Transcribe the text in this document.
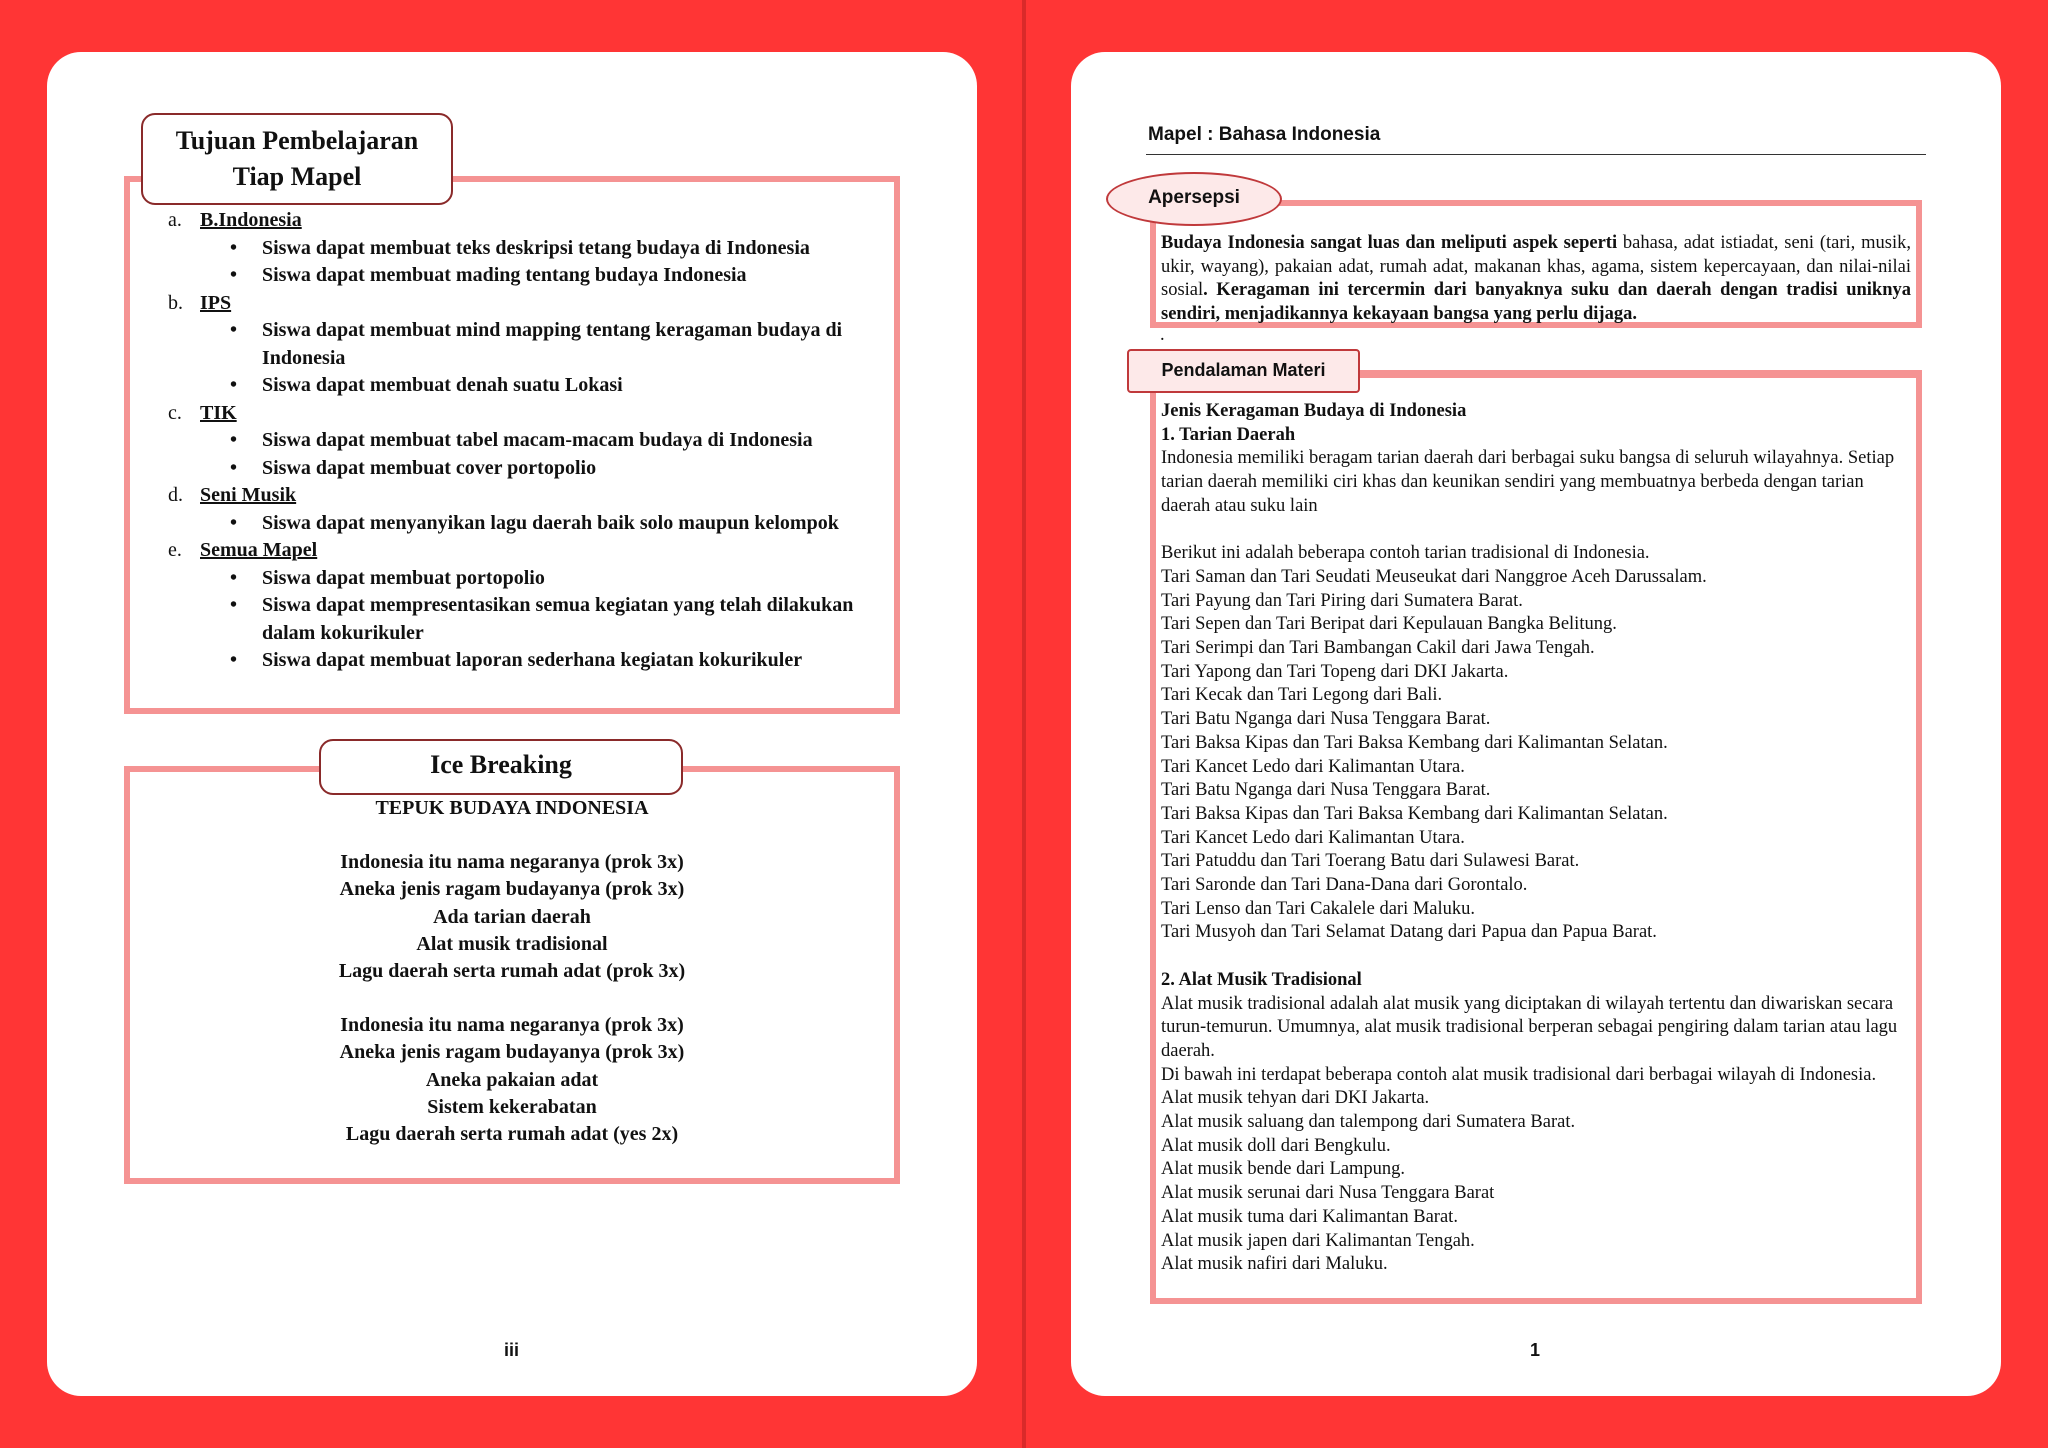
Tujuan Pembelajaran
Tiap Mapel
a. B.Indonesia
• Siswa dapat membuat teks deskripsi tetang budaya di Indonesia
• Siswa dapat membuat mading tentang budaya Indonesia
b. IPS
• Siswa dapat membuat mind mapping tentang keragaman budaya di Indonesia
• Siswa dapat membuat denah suatu Lokasi
c. TIK
• Siswa dapat membuat tabel macam-macam budaya di Indonesia
• Siswa dapat membuat cover portopolio
d. Seni Musik
• Siswa dapat menyanyikan lagu daerah baik solo maupun kelompok
e. Semua Mapel
• Siswa dapat membuat portopolio
• Siswa dapat mempresentasikan semua kegiatan yang telah dilakukan dalam kokurikuler
• Siswa dapat membuat laporan sederhana kegiatan kokurikuler
Ice Breaking
TEPUK BUDAYA INDONESIA
Indonesia itu nama negaranya (prok 3x)
Aneka jenis ragam budayanya (prok 3x)
Ada tarian daerah
Alat musik tradisional
Lagu daerah serta rumah adat (prok 3x)
Indonesia itu nama negaranya (prok 3x)
Aneka jenis ragam budayanya (prok 3x)
Aneka pakaian adat
Sistem kekerabatan
Lagu daerah serta rumah adat (yes 2x)
iii
Mapel : Bahasa Indonesia
Apersepsi
Budaya Indonesia sangat luas dan meliputi aspek seperti bahasa, adat istiadat, seni (tari, musik, ukir, wayang), pakaian adat, rumah adat, makanan khas, agama, sistem kepercayaan, dan nilai-nilai sosial. Keragaman ini tercermin dari banyaknya suku dan daerah dengan tradisi uniknya sendiri, menjadikannya kekayaan bangsa yang perlu dijaga.
.
Pendalaman Materi

Jenis Keragaman Budaya di Indonesia

1. Tarian Daerah

Indonesia memiliki beragam tarian daerah dari berbagai suku bangsa di seluruh wilayahnya. Setiap tarian daerah memiliki ciri khas dan keunikan sendiri yang membuatnya berbeda dengan tarian daerah atau suku lain

Berikut ini adalah beberapa contoh tarian tradisional di Indonesia.

Tari Saman dan Tari Seudati Meuseukat dari Nanggroe Aceh Darussalam.

Tari Payung dan Tari Piring dari Sumatera Barat.

Tari Sepen dan Tari Beripat dari Kepulauan Bangka Belitung.

Tari Serimpi dan Tari Bambangan Cakil dari Jawa Tengah.

Tari Yapong dan Tari Topeng dari DKI Jakarta.

Tari Kecak dan Tari Legong dari Bali.

Tari Batu Nganga dari Nusa Tenggara Barat.

Tari Baksa Kipas dan Tari Baksa Kembang dari Kalimantan Selatan.

Tari Kancet Ledo dari Kalimantan Utara.

Tari Batu Nganga dari Nusa Tenggara Barat.

Tari Baksa Kipas dan Tari Baksa Kembang dari Kalimantan Selatan.

Tari Kancet Ledo dari Kalimantan Utara.

Tari Patuddu dan Tari Toerang Batu dari Sulawesi Barat.

Tari Saronde dan Tari Dana-Dana dari Gorontalo.

Tari Lenso dan Tari Cakalele dari Maluku.

Tari Musyoh dan Tari Selamat Datang dari Papua dan Papua Barat.

2. Alat Musik Tradisional

Alat musik tradisional adalah alat musik yang diciptakan di wilayah tertentu dan diwariskan secara turun-temurun. Umumnya, alat musik tradisional berperan sebagai pengiring dalam tarian atau lagu daerah.

Di bawah ini terdapat beberapa contoh alat musik tradisional dari berbagai wilayah di Indonesia.

Alat musik tehyan dari DKI Jakarta.

Alat musik saluang dan talempong dari Sumatera Barat.

Alat musik doll dari Bengkulu.

Alat musik bende dari Lampung.

Alat musik serunai dari Nusa Tenggara Barat

Alat musik tuma dari Kalimantan Barat.

Alat musik japen dari Kalimantan Tengah.

Alat musik nafiri dari Maluku.

1
